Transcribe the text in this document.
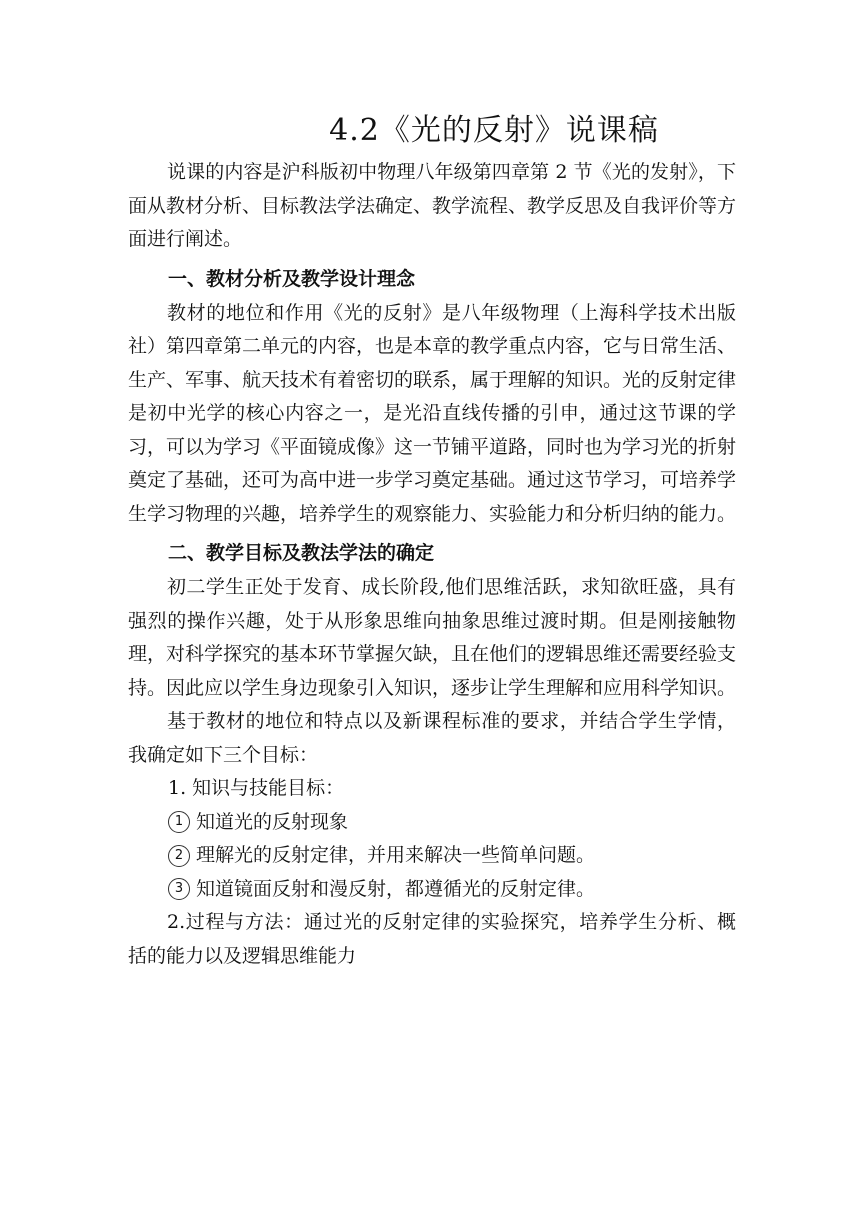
4.2《光的反射》说课稿

说课的内容是沪科版初中物理八年级第四章第 2 节《光的发射》，下面从教材分析、目标教法学法确定、教学流程、教学反思及自我评价等方面进行阐述。

一、教材分析及教学设计理念

教材的地位和作用《光的反射》是八年级物理（上海科学技术出版社）第四章第二单元的内容，也是本章的教学重点内容，它与日常生活、生产、军事、航天技术有着密切的联系，属于理解的知识。光的反射定律是初中光学的核心内容之一，是光沿直线传播的引申，通过这节课的学习，可以为学习《平面镜成像》这一节铺平道路，同时也为学习光的折射奠定了基础，还可为高中进一步学习奠定基础。通过这节学习，可培养学生学习物理的兴趣，培养学生的观察能力、实验能力和分析归纳的能力。

二、教学目标及教法学法的确定

初二学生正处于发育、成长阶段,他们思维活跃，求知欲旺盛，具有强烈的操作兴趣，处于从形象思维向抽象思维过渡时期。但是刚接触物理，对科学探究的基本环节掌握欠缺，且在他们的逻辑思维还需要经验支持。因此应以学生身边现象引入知识，逐步让学生理解和应用科学知识。

基于教材的地位和特点以及新课程标准的要求，并结合学生学情，我确定如下三个目标：

1. 知识与技能目标：

1 知道光的反射现象
2 理解光的反射定律，并用来解决一些简单问题。
3 知道镜面反射和漫反射，都遵循光的反射定律。

2.过程与方法：通过光的反射定律的实验探究，培养学生分析、概括的能力以及逻辑思维能力
